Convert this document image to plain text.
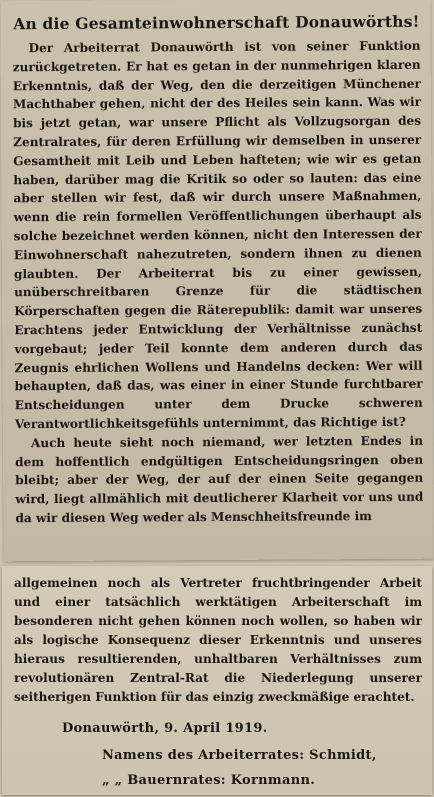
An die Gesamteinwohnerschaft Donauwörths!

Der Arbeiterrat Donauwörth ist von seiner Funktion zurückgetreten. Er hat es getan in der nunmehrigen klaren Erkenntnis, daß der Weg, den die derzeitigen Münchener Machthaber gehen, nicht der des Heiles sein kann. Was wir bis jetzt getan, war unsere Pflicht als Vollzugsorgan des Zentralrates, für deren Erfüllung wir demselben in unserer Gesamtheit mit Leib und Leben hafteten; wie wir es getan haben, darüber mag die Kritik so oder so lauten: das eine aber stellen wir fest, daß wir durch unsere Maßnahmen, wenn die rein formellen Veröffentlichungen überhaupt als solche bezeichnet werden können, nicht den Interessen der Einwohnerschaft nahezutreten, sondern ihnen zu dienen glaubten. Der Arbeiterrat bis zu einer gewissen, unüberschreitbaren Grenze für die städtischen Körperschaften gegen die Räterepublik: damit war unseres Erachtens jeder Entwicklung der Verhältnisse zunächst vorgebaut; jeder Teil konnte dem anderen durch das Zeugnis ehrlichen Wollens und Handelns decken: Wer will behaupten, daß das, was einer in einer Stunde furchtbarer Entscheidungen unter dem Drucke schweren Verantwortlichkeitsgefühls unternimmt, das Richtige ist?

Auch heute sieht noch niemand, wer letzten Endes in dem hoffentlich endgültigen Entscheidungsringen oben bleibt; aber der Weg, der auf der einen Seite gegangen wird, liegt allmählich mit deutlicherer Klarheit vor uns und da wir diesen Weg weder als Menschheitsfreunde im

allgemeinen noch als Vertreter fruchtbringender Arbeit und einer tatsächlich werktätigen Arbeiterschaft im besonderen nicht gehen können noch wollen, so haben wir als logische Konsequenz dieser Erkenntnis und unseres hieraus resultierenden, unhaltbaren Verhältnisses zum revolutionären Zentral-Rat die Niederlegung unserer seitherigen Funktion für das einzig zweckmäßige erachtet.

Donauwörth, 9. April 1919.
Namens des Arbeiterrates: Schmidt,
„ „ Bauernrates: Kornmann.
